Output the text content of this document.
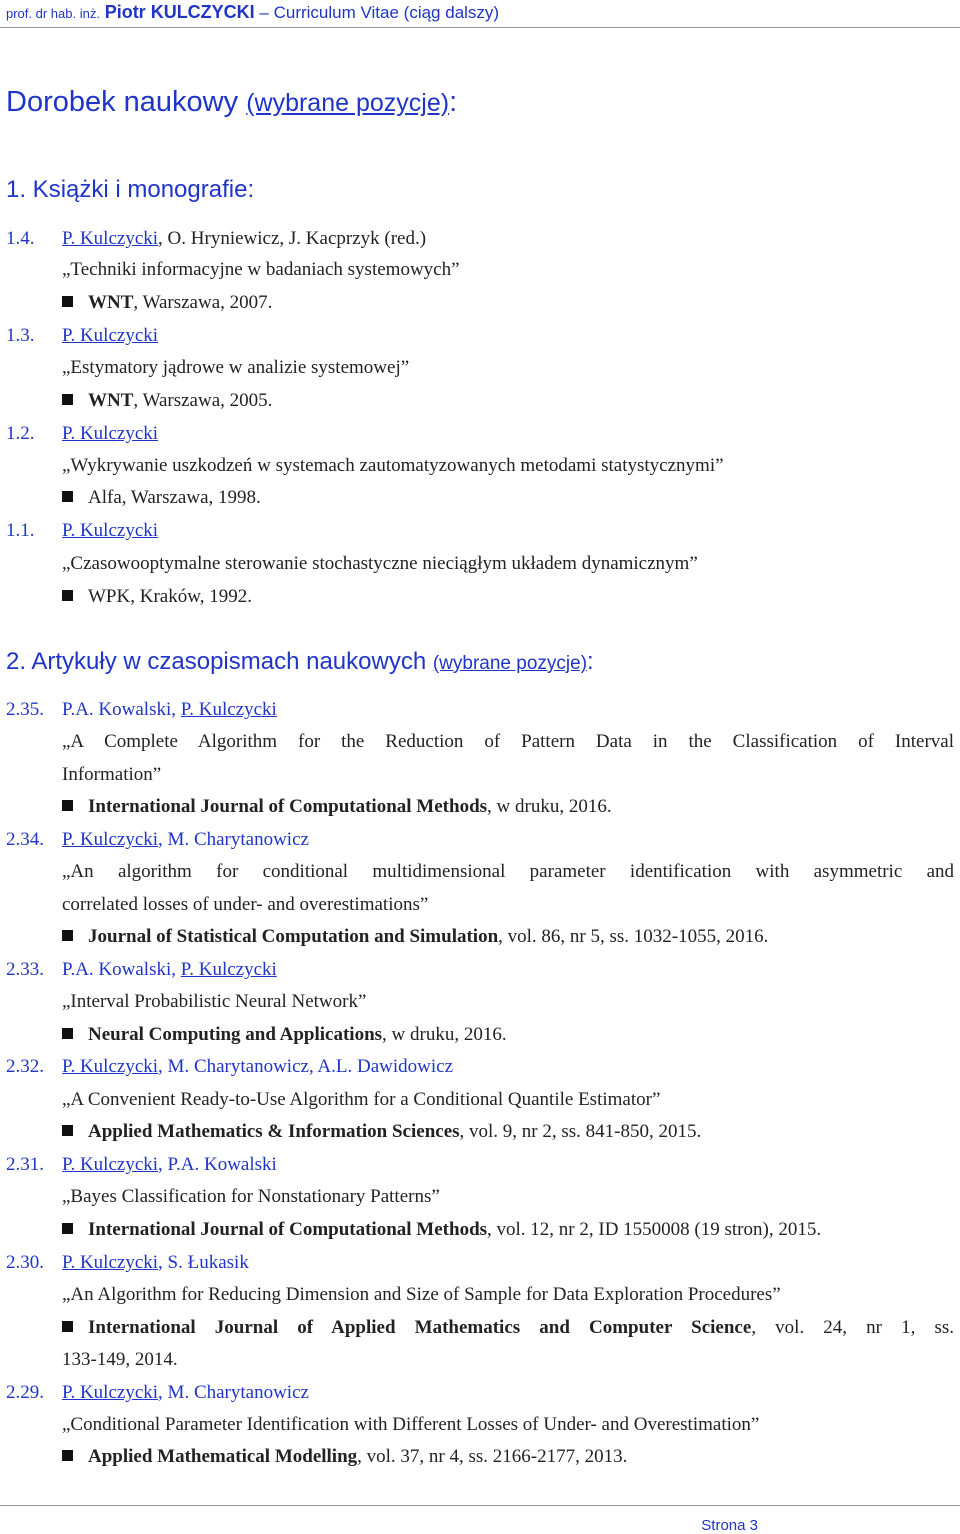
prof. dr hab. inż. Piotr KULCZYCKI – Curriculum Vitae (ciąg dalszy)
Dorobek naukowy (wybrane pozycje):
1. Książki i monografie:
1.4. P. Kulczycki, O. Hryniewicz, J. Kacprzyk (red.)
„Techniki informacyjne w badaniach systemowych”
WNT, Warszawa, 2007.
1.3. P. Kulczycki
„Estymatory jądrowe w analizie systemowej”
WNT, Warszawa, 2005.
1.2. P. Kulczycki
„Wykrywanie uszkodzeń w systemach zautomatyzowanych metodami statystycznymi”
Alfa, Warszawa, 1998.
1.1. P. Kulczycki
„Czasowooptymalne sterowanie stochastyczne nieciągłym układem dynamicznym”
WPK, Kraków, 1992.
2. Artykuły w czasopismach naukowych (wybrane pozycje):
2.35. P.A. Kowalski, P. Kulczycki
„A Complete Algorithm for the Reduction of Pattern Data in the Classification of Interval
Information”
International Journal of Computational Methods, w druku, 2016.
2.34. P. Kulczycki, M. Charytanowicz
„An algorithm for conditional multidimensional parameter identification with asymmetric and
correlated losses of under- and overestimations”
Journal of Statistical Computation and Simulation, vol. 86, nr 5, ss. 1032-1055, 2016.
2.33. P.A. Kowalski, P. Kulczycki
„Interval Probabilistic Neural Network”
Neural Computing and Applications, w druku, 2016.
2.32. P. Kulczycki, M. Charytanowicz, A.L. Dawidowicz
„A Convenient Ready-to-Use Algorithm for a Conditional Quantile Estimator”
Applied Mathematics & Information Sciences, vol. 9, nr 2, ss. 841-850, 2015.
2.31. P. Kulczycki, P.A. Kowalski
„Bayes Classification for Nonstationary Patterns”
International Journal of Computational Methods, vol. 12, nr 2, ID 1550008 (19 stron), 2015.
2.30. P. Kulczycki, S. Łukasik
„An Algorithm for Reducing Dimension and Size of Sample for Data Exploration Procedures”
International Journal of Applied Mathematics and Computer Science, vol. 24, nr 1, ss.
133-149, 2014.
2.29. P. Kulczycki, M. Charytanowicz
„Conditional Parameter Identification with Different Losses of Under- and Overestimation”
Applied Mathematical Modelling, vol. 37, nr 4, ss. 2166-2177, 2013.
Strona 3
